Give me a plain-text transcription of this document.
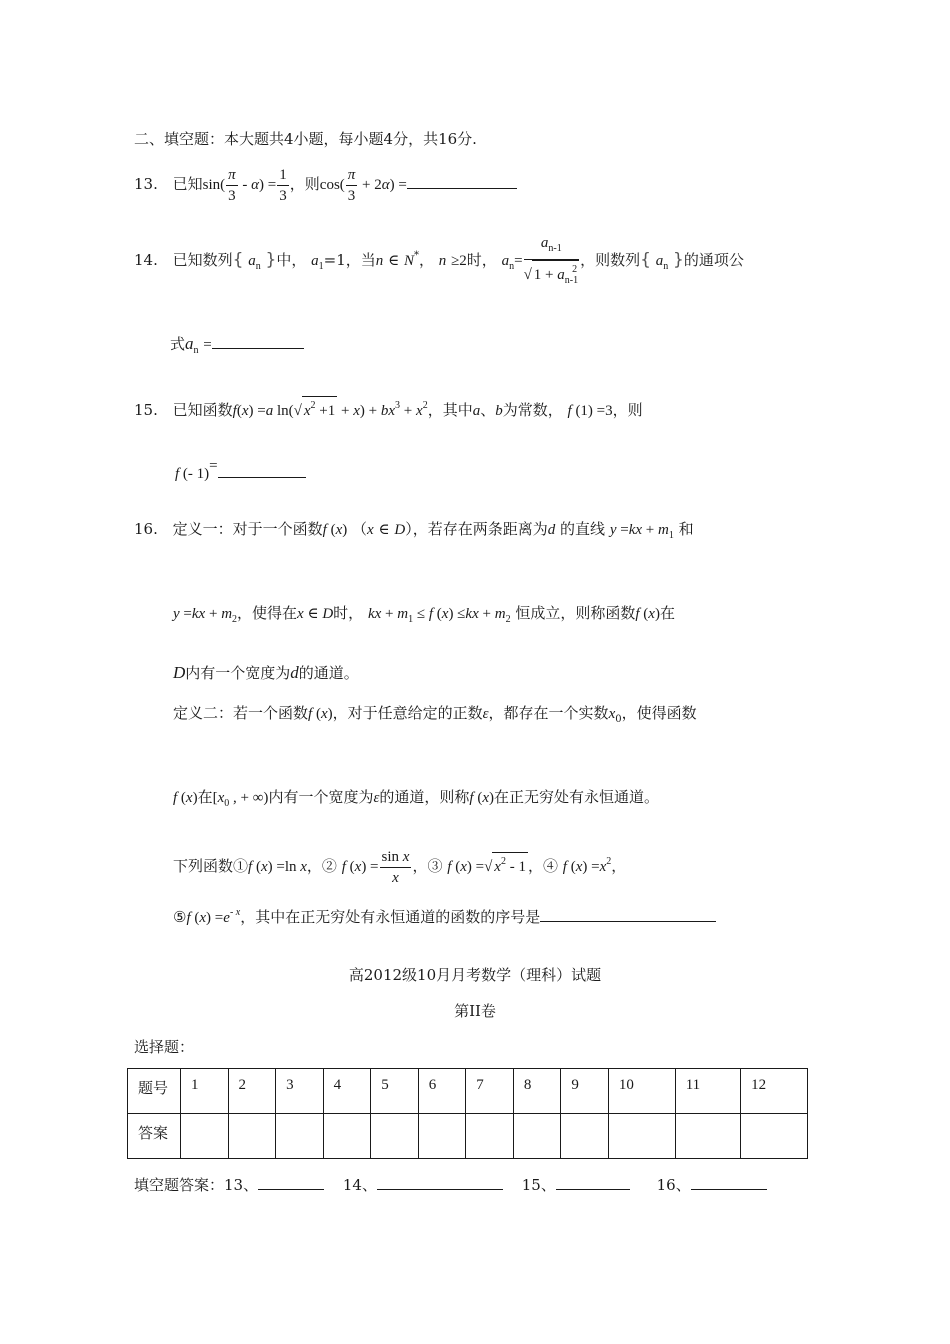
二、填空题：本大题共4小题，每小题4分，共16分.
13. 已知$\sin( \frac{\pi}{3} - \alpha) = \frac{1}{3}$ ，则$\cos( \frac{\pi}{3} + 2\alpha)$ =
14. 已知数列{ $a_n$ }中， $a_1=1$，当n ∈ N*， n ≥2时， $a_n= \frac{a_{n-1}}{√ 1 + a_{n-1}^2}$ ，则数列{ $a_n$ }的通项公
式$a_n$ =
15. 已知函数f(x) =a ln(√ $x^2 +1 + x) + bx^3 + x^2$，其中a、b为常数， f (1) =3，则
f (- 1)=
16. 定义一：对于一个函数f (x) （x ∈ D），若存在两条距离为d 的直线 $y =kx + m_1$ 和
$y =kx + m_2$，使得在x ∈ D时， kx + $m_1 \le f$ $(x) \le kx + m_2$ 恒成立，则称函数f (x)在
D内有一个宽度为d的通道。
定义二：若一个函数f (x)，对于任意给定的正数ε，都存在一个实数$x_0$，使得函数
f (x)在[$x_0$ , + ∞)内有一个宽度为ε的通道，则称f (x)在正无穷处有永恒通道。
下列函数①f (x) =ln x，② f $(x) = \frac{\text{sin x}}{x}$ ，③ f (x) =√ $x^2 - 1$ ，④ f $(x) =x^2$，
⑤f $(x) =e^{- x}$，其中在正无穷处有永恒通道的函数的序号是
高2012级10月月考数学（理科）试题
第II卷
选择题：
题号	1	2	3	4	5	6	7	8	9	10	11	12
答案												
填空题答案：13、	14、	15、	16、
